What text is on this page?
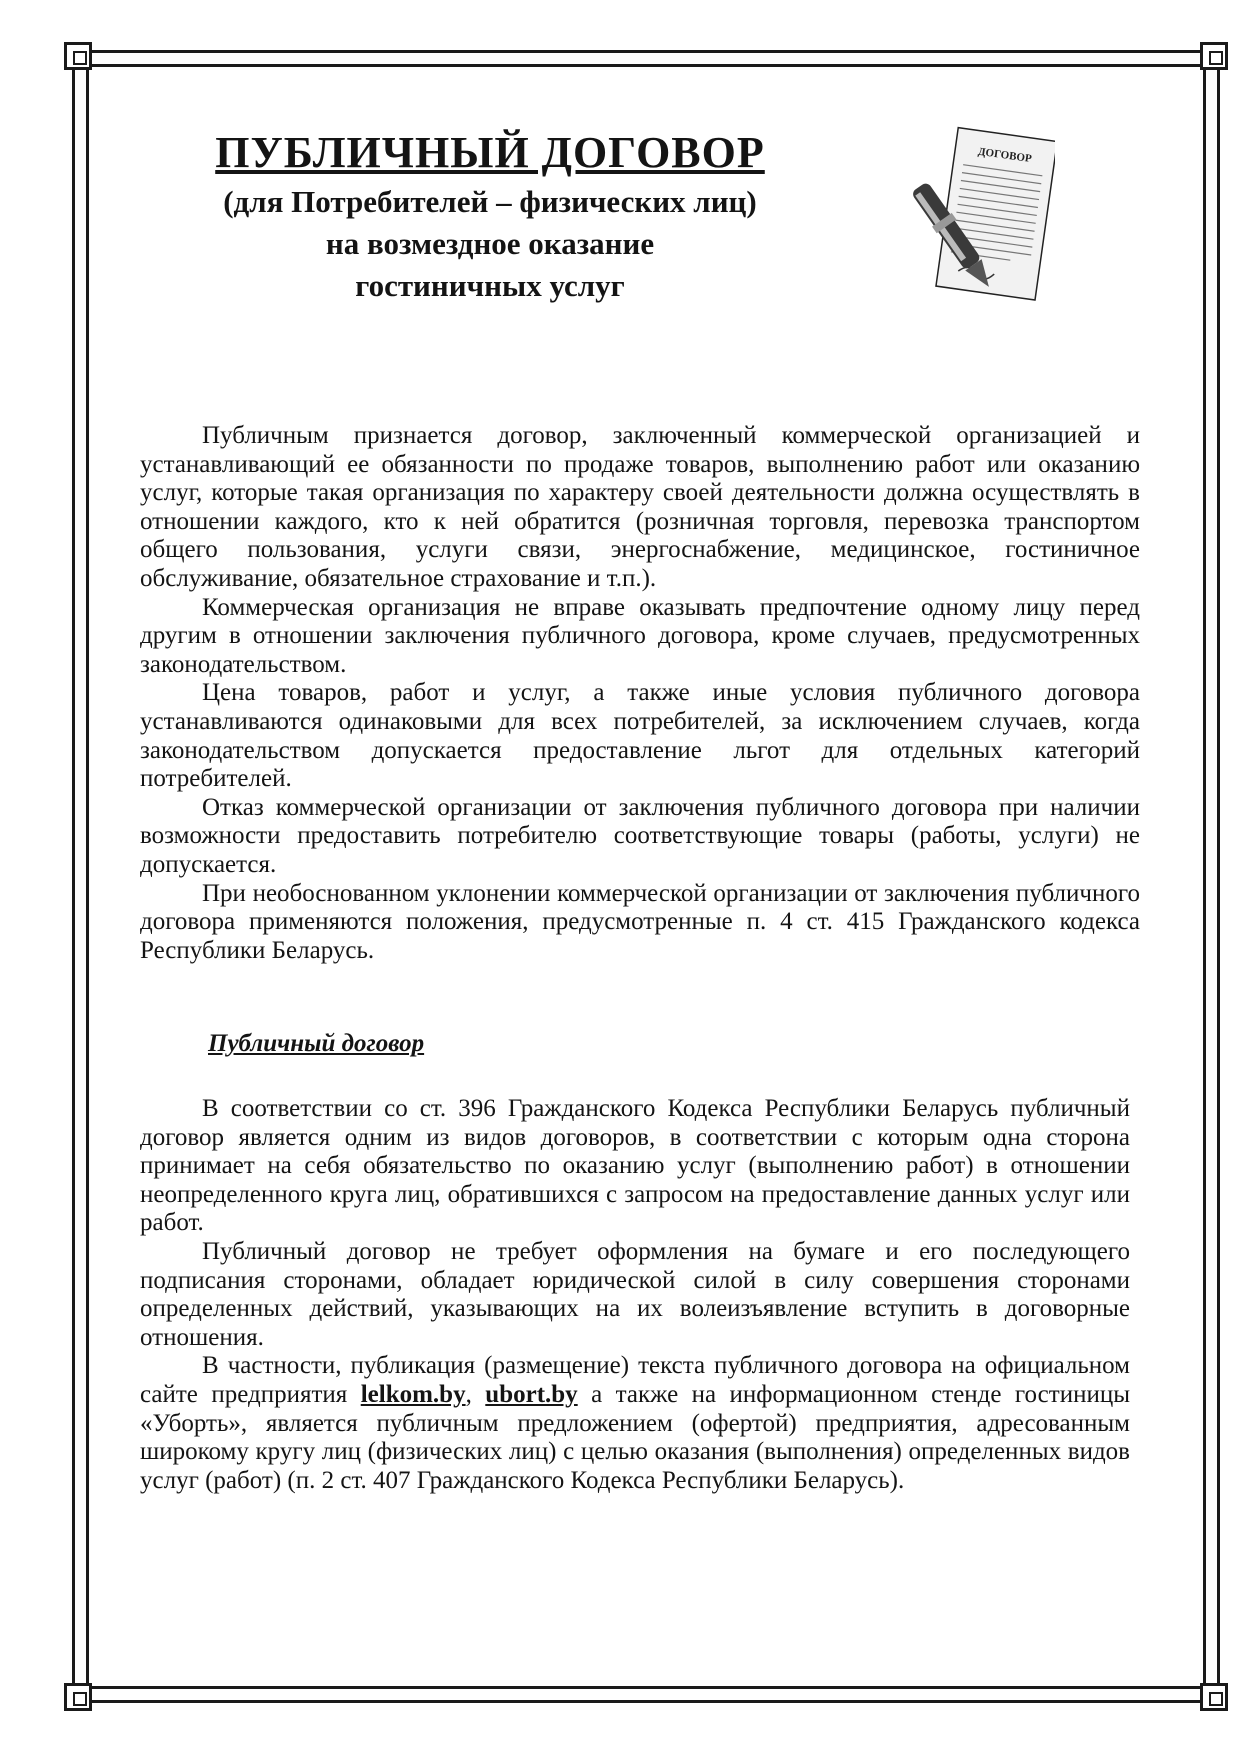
ПУБЛИЧНЫЙ ДОГОВОР
(для Потребителей – физических лиц)
на возмездное оказание
гостиничных услуг
ДОГОВОР

Публичным признается договор, заключенный коммерческой организацией и устанавливающий ее обязанности по продаже товаров, выполнению работ или оказанию услуг, которые такая организация по характеру своей деятельности должна осуществлять в отношении каждого, кто к ней обратится (розничная торговля, перевозка транспортом общего пользования, услуги связи, энергоснабжение, медицинское, гостиничное обслуживание, обязательное страхование и т.п.).

Коммерческая организация не вправе оказывать предпочтение одному лицу перед другим в отношении заключения публичного договора, кроме случаев, предусмотренных законодательством.

Цена товаров, работ и услуг, а также иные условия публичного договора устанавливаются одинаковыми для всех потребителей, за исключением случаев, когда законодательством допускается предоставление льгот для отдельных категорий потребителей.

Отказ коммерческой организации от заключения публичного договора при наличии возможности предоставить потребителю соответствующие товары (работы, услуги) не допускается.

При необоснованном уклонении коммерческой организации от заключения публичного договора применяются положения, предусмотренные п. 4 ст. 415 Гражданского кодекса Республики Беларусь.

Публичный договор

В соответствии со ст. 396 Гражданского Кодекса Республики Беларусь публичный договор является одним из видов договоров, в соответствии с которым одна сторона принимает на себя обязательство по оказанию услуг (выполнению работ) в отношении неопределенного круга лиц, обратившихся с запросом на предоставление данных услуг или работ.

Публичный договор не требует оформления на бумаге и его последующего подписания сторонами, обладает юридической силой в силу совершения сторонами определенных действий, указывающих на их волеизъявление вступить в договорные отношения.

В частности, публикация (размещение) текста публичного договора на официальном сайте предприятия lelkom.by, ubort.by а также на информационном стенде гостиницы «Уборть», является публичным предложением (офертой) предприятия, адресованным широкому кругу лиц (физических лиц) с целью оказания (выполнения) определенных видов услуг (работ) (п. 2 ст. 407 Гражданского Кодекса Республики Беларусь).
